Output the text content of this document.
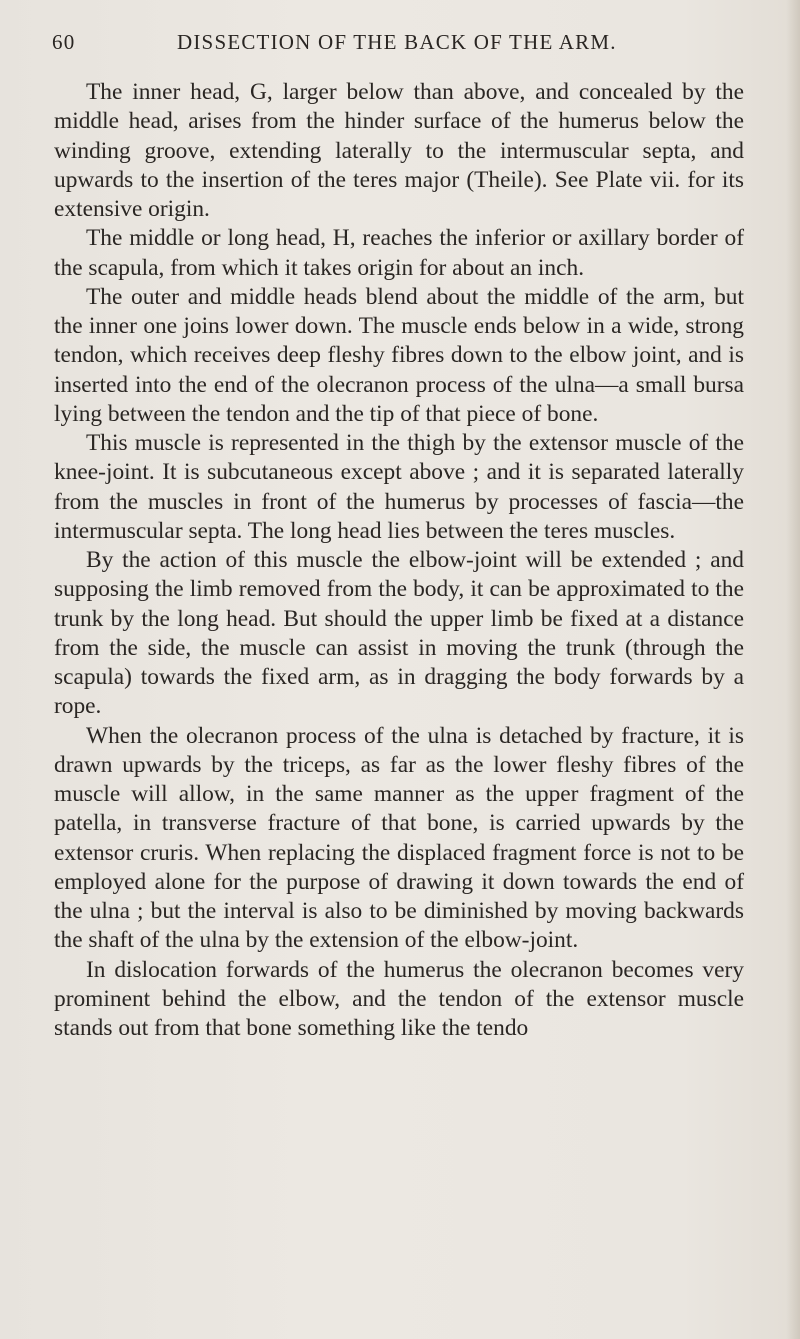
60	DISSECTION OF THE BACK OF THE ARM.

The inner head, G, larger below than above, and concealed by the middle head, arises from the hinder surface of the humerus below the winding groove, extending laterally to the intermuscular septa, and upwards to the insertion of the teres major (Theile). See Plate vii. for its extensive origin.

The middle or long head, H, reaches the inferior or axillary border of the scapula, from which it takes origin for about an inch.

The outer and middle heads blend about the middle of the arm, but the inner one joins lower down. The muscle ends below in a wide, strong tendon, which receives deep fleshy fibres down to the elbow joint, and is inserted into the end of the olecranon process of the ulna—a small bursa lying between the tendon and the tip of that piece of bone.

This muscle is represented in the thigh by the extensor muscle of the knee-joint. It is subcutaneous except above ; and it is separated laterally from the muscles in front of the humerus by processes of fascia—the intermuscular septa. The long head lies between the teres muscles.

By the action of this muscle the elbow-joint will be extended ; and supposing the limb removed from the body, it can be approximated to the trunk by the long head. But should the upper limb be fixed at a distance from the side, the muscle can assist in moving the trunk (through the scapula) towards the fixed arm, as in dragging the body forwards by a rope.

When the olecranon process of the ulna is detached by fracture, it is drawn upwards by the triceps, as far as the lower fleshy fibres of the muscle will allow, in the same manner as the upper fragment of the patella, in transverse fracture of that bone, is carried upwards by the extensor cruris. When replacing the displaced fragment force is not to be employed alone for the purpose of drawing it down towards the end of the ulna ; but the interval is also to be diminished by moving backwards the shaft of the ulna by the extension of the elbow-joint.

In dislocation forwards of the humerus the olecranon becomes very prominent behind the elbow, and the tendon of the extensor muscle stands out from that bone something like the tendo
